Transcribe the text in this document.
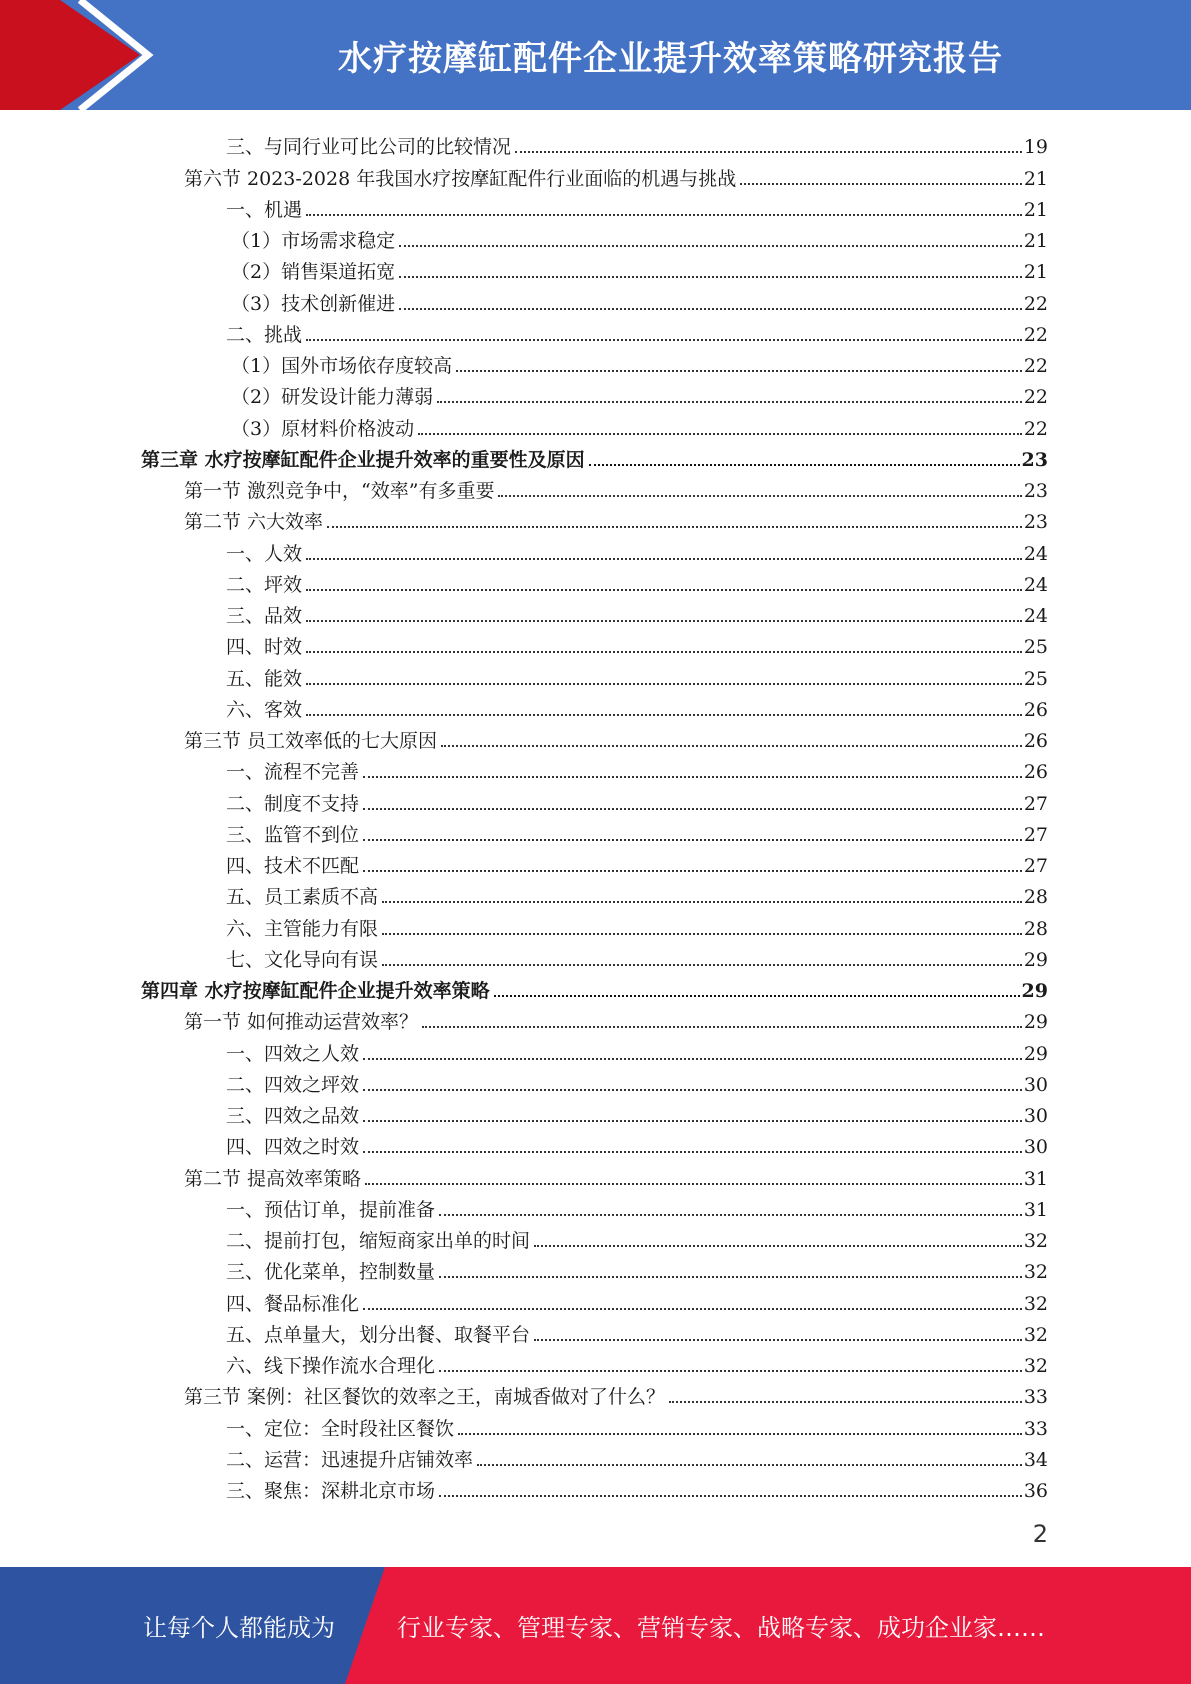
水疗按摩缸配件企业提升效率策略研究报告
三、与同行业可比公司的比较情况	19
第六节 2023-2028 年我国水疗按摩缸配件行业面临的机遇与挑战	21
一、机遇	21
（1）市场需求稳定	21
（2）销售渠道拓宽	21
（3）技术创新催进	22
二、挑战	22
（1）国外市场依存度较高	22
（2）研发设计能力薄弱	22
（3）原材料价格波动	22
第三章 水疗按摩缸配件企业提升效率的重要性及原因	23
第一节 激烈竞争中，“效率”有多重要	23
第二节 六大效率	23
一、人效	24
二、坪效	24
三、品效	24
四、时效	25
五、能效	25
六、客效	26
第三节 员工效率低的七大原因	26
一、流程不完善	26
二、制度不支持	27
三、监管不到位	27
四、技术不匹配	27
五、员工素质不高	28
六、主管能力有限	28
七、文化导向有误	29
第四章 水疗按摩缸配件企业提升效率策略	29
第一节 如何推动运营效率？	29
一、四效之人效	29
二、四效之坪效	30
三、四效之品效	30
四、四效之时效	30
第二节 提高效率策略	31
一、预估订单，提前准备	31
二、提前打包，缩短商家出单的时间	32
三、优化菜单，控制数量	32
四、餐品标准化	32
五、点单量大，划分出餐、取餐平台	32
六、线下操作流水合理化	32
第三节 案例：社区餐饮的效率之王，南城香做对了什么？	33
一、定位：全时段社区餐饮	33
二、运营：迅速提升店铺效率	34
三、聚焦：深耕北京市场	36
2
让每个人都能成为	行业专家、管理专家、营销专家、战略专家、成功企业家……
